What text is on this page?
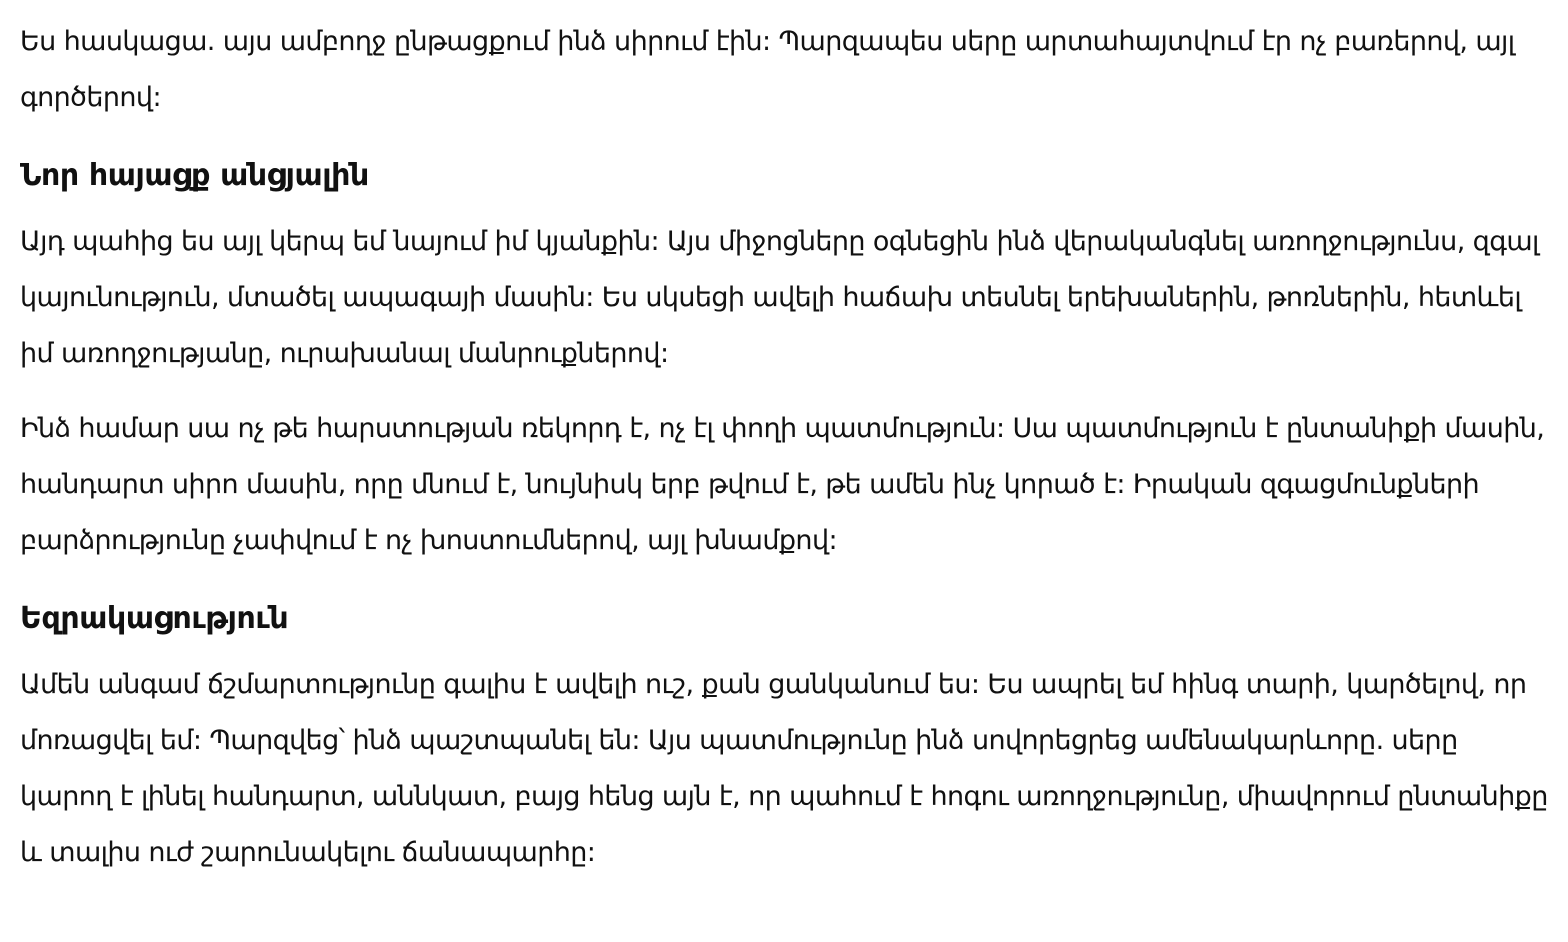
Ես հասկացա. այս ամբողջ ընթացքում ինձ սիրում էին: Պարզապես սերը արտահայտվում էր ոչ բառերով, այլ գործերով:

Նոր հայացք անցյալին

Այդ պահից ես այլ կերպ եմ նայում իմ կյանքին: Այս միջոցները օգնեցին ինձ վերականգնել առողջությունս, զգալ կայունություն, մտածել ապագայի մասին: Ես սկսեցի ավելի հաճախ տեսնել երեխաներին, թոռներին, հետևել իմ առողջությանը, ուրախանալ մանրուքներով:

Ինձ համար սա ոչ թե հարստության ռեկորդ է, ոչ էլ փողի պատմություն: Սա պատմություն է ընտանիքի մասին, հանդարտ սիրո մասին, որը մնում է, նույնիսկ երբ թվում է, թե ամեն ինչ կորած է: Իրական զգացմունքների բարձրությունը չափվում է ոչ խոստումներով, այլ խնամքով:

Եզրակացություն

Ամեն անգամ ճշմարտությունը գալիս է ավելի ուշ, քան ցանկանում ես: Ես ապրել եմ հինգ տարի, կարծելով, որ մոռացվել եմ: Պարզվեց՝ ինձ պաշտպանել են: Այս պատմությունը ինձ սովորեցրեց ամենակարևորը. սերը կարող է լինել հանդարտ, աննկատ, բայց հենց այն է, որ պահում է հոգու առողջությունը, միավորում ընտանիքը և տալիս ուժ շարունակելու ճանապարհը:
